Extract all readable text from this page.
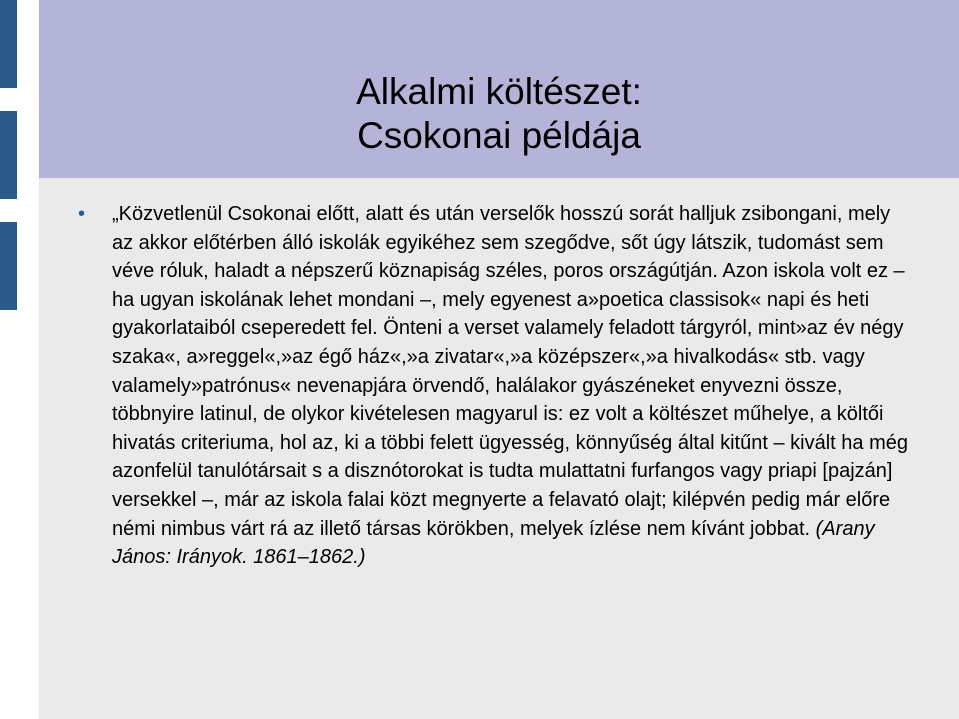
Alkalmi költészet:
Csokonai példája
• „Közvetlenül Csokonai előtt, alatt és után verselők hosszú sorát halljuk zsibongani, mely az akkor előtérben álló iskolák egyikéhez sem szegődve, sőt úgy látszik, tudomást sem véve róluk, haladt a népszerű köznapiság széles, poros országútján. Azon iskola volt ez – ha ugyan iskolának lehet mondani –, mely egyenest a»poetica classisok« napi és heti gyakorlataiból cseperedett fel. Önteni a verset valamely feladott tárgyról, mint»az év négy szaka«, a»reggel«,»az égő ház«,»a zivatar«,»a középszer«,»a hivalkodás« stb. vagy valamely»patrónus« nevenapjára örvendő, halálakor gyászéneket enyvezni össze, többnyire latinul, de olykor kivételesen magyarul is: ez volt a költészet műhelye, a költői hivatás criteriuma, hol az, ki a többi felett ügyesség, könnyűség által kitűnt – kivált ha még azonfelül tanulótársait s a disznótorokat is tudta mulattatni furfangos vagy priapi [pajzán] versekkel –, már az iskola falai közt megnyerte a felavató olajt; kilépvén pedig már előre némi nimbus várt rá az illető társas körökben, melyek ízlése nem kívánt jobbat. (Arany János: Irányok. 1861–1862.)
